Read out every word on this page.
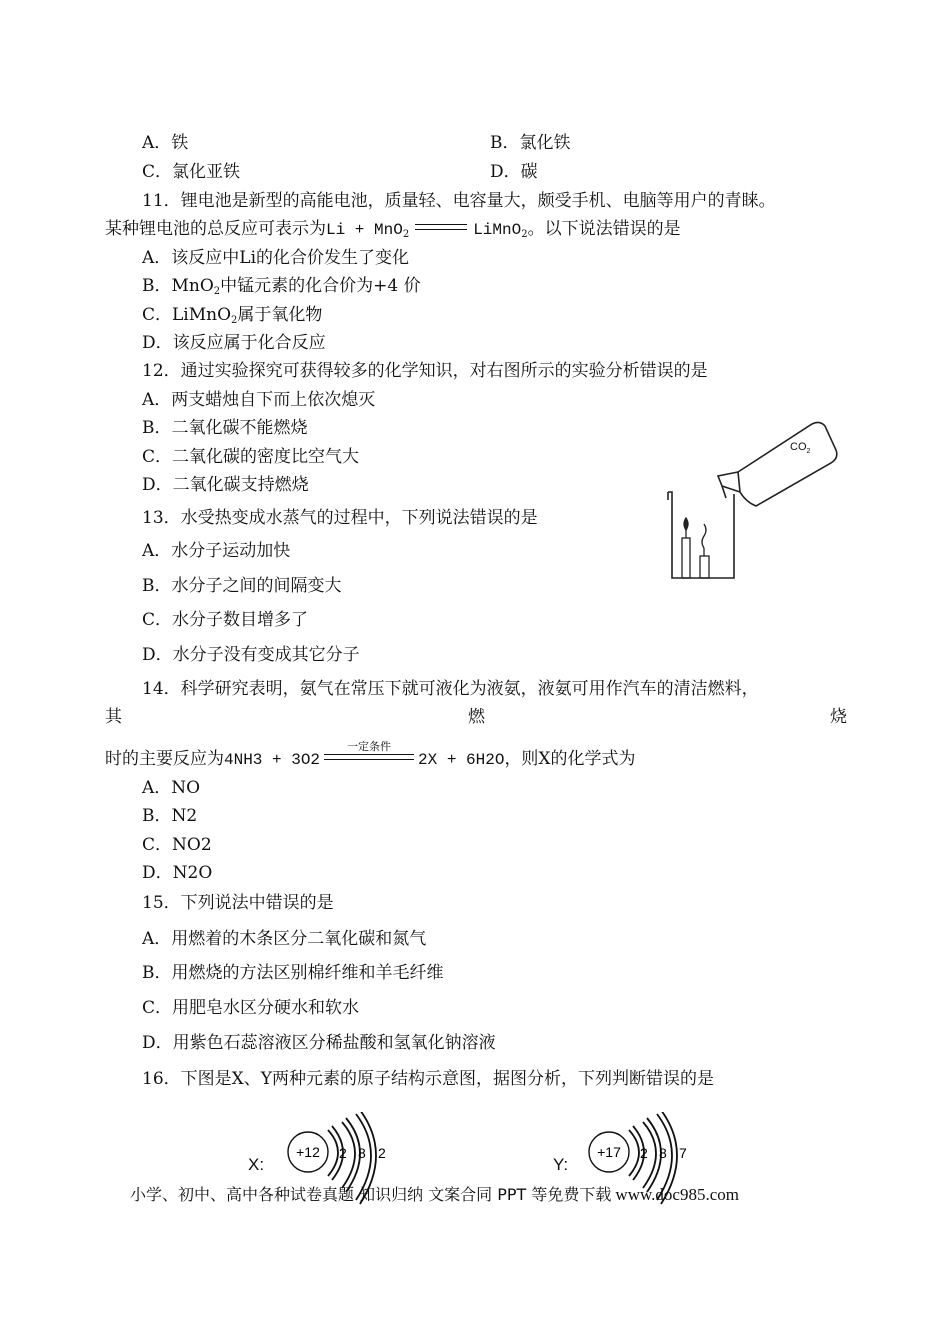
A．铁	B．氯化铁
C．氯化亚铁	D．碳
11．锂电池是新型的高能电池，质量轻、电容量大，颇受手机、电脑等用户的青睐。
某种锂电池的总反应可表示为Li + MnO$_2$	LiMnO$_2$。以下说法错误的是
A．该反应中Li的化合价发生了变化
B．MnO$_2$中锰元素的化合价为+4 价
C．LiMnO$_2$属于氧化物
D．该反应属于化合反应
12．通过实验探究可获得较多的化学知识，对右图所示的实验分析错误的是
A．两支蜡烛自下而上依次熄灭
B．二氧化碳不能燃烧
C．二氧化碳的密度比空气大
D．二氧化碳支持燃烧
$CO_2$
13．水受热变成水蒸气的过程中，下列说法错误的是
A．水分子运动加快
B．水分子之间的间隔变大
C．水分子数目增多了
D．水分子没有变成其它分子
14．科学研究表明，氨气在常压下就可液化为液氨，液氨可用作汽车的清洁燃料，
其	燃	烧
时的主要反应为4NH3 + 3O2
一定条件
2X + 6H2O，则X的化学式为
A．NO
B．N2
C．NO2
D．N2O
15．下列说法中错误的是
A．用燃着的木条区分二氧化碳和氮气
B．用燃烧的方法区别棉纤维和羊毛纤维
C．用肥皂水区分硬水和软水
D．用紫色石蕊溶液区分稀盐酸和氢氧化钠溶液
16．下图是X、Y两种元素的原子结构示意图，据图分析，下列判断错误的是
X:
+12 2 8 2
Y:
+17 2 8 7
小学、初中、高中各种试卷真题 知识归纳 文案合同 PPT 等免费下载 www.doc985.com
